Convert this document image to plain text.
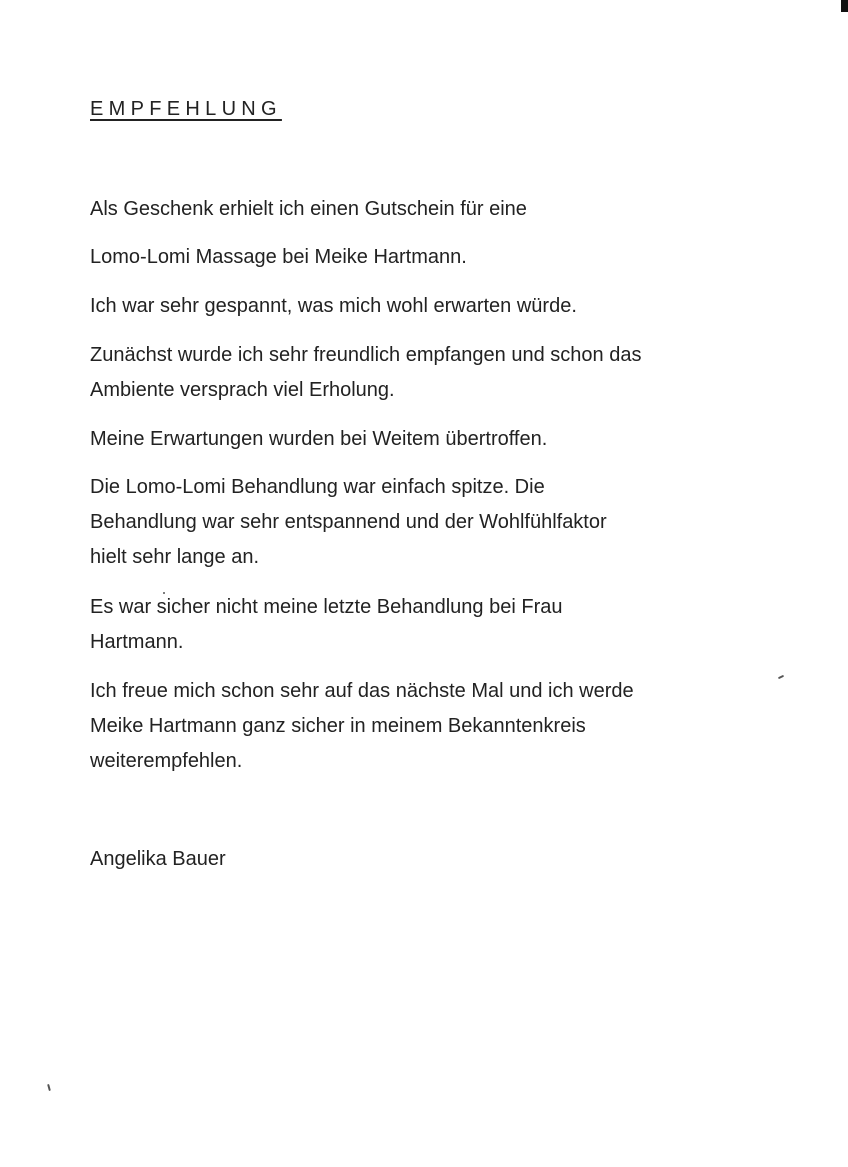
EMPFEHLUNG

Als Geschenk erhielt ich einen Gutschein für eine

Lomo-Lomi Massage bei Meike Hartmann.

Ich war sehr gespannt, was mich wohl erwarten würde.

Zunächst wurde ich sehr freundlich empfangen und schon das
Ambiente versprach viel Erholung.

Meine Erwartungen wurden bei Weitem übertroffen.

Die Lomo-Lomi Behandlung war einfach spitze. Die
Behandlung war sehr entspannend und der Wohlfühlfaktor
hielt sehr lange an.

Es war sicher nicht meine letzte Behandlung bei Frau
Hartmann.

Ich freue mich schon sehr auf das nächste Mal und ich werde
Meike Hartmann ganz sicher in meinem Bekanntenkreis
weiterempfehlen.

Angelika Bauer
